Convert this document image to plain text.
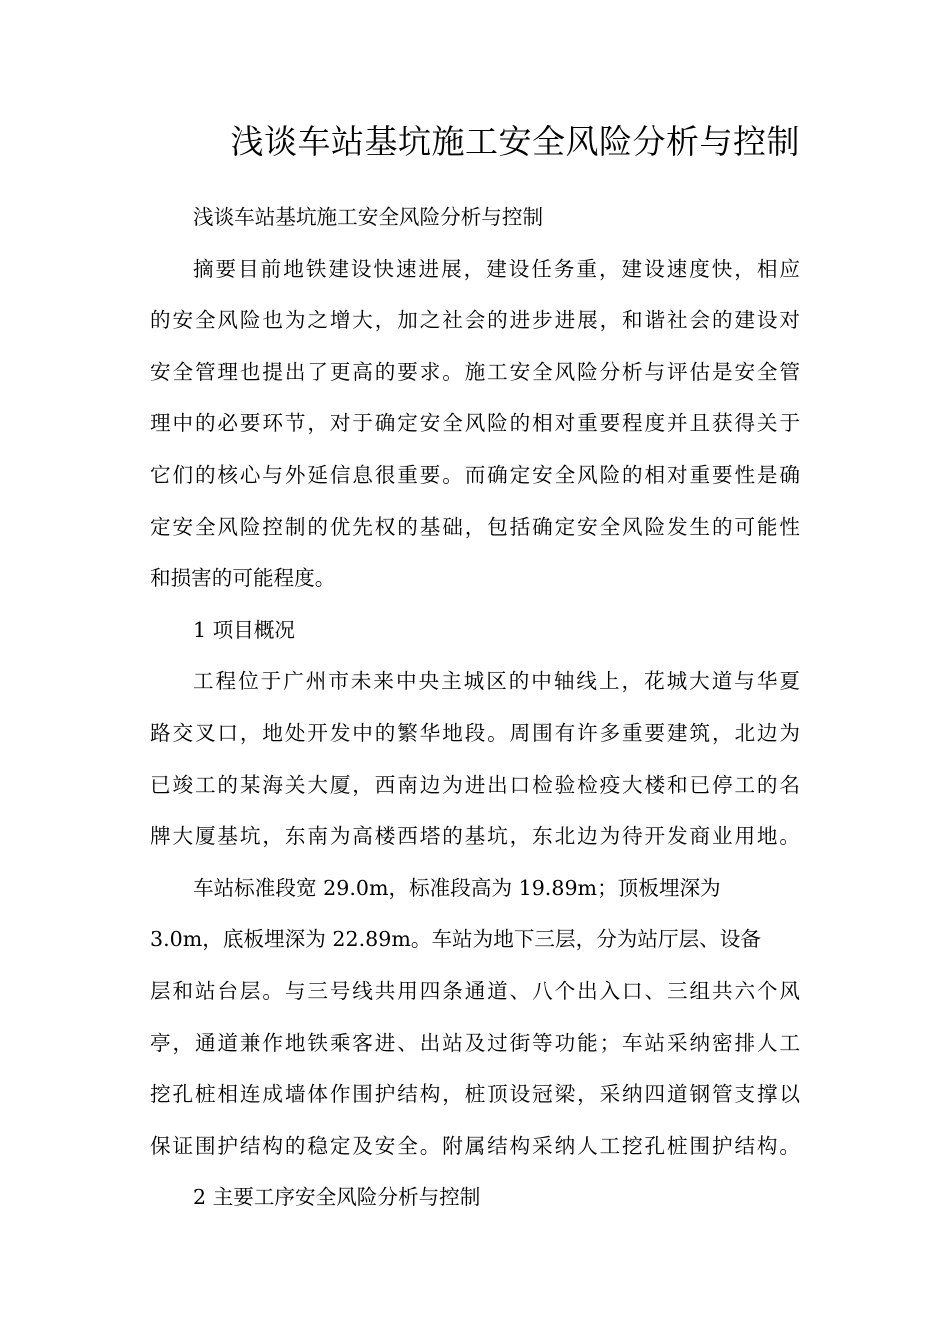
浅谈车站基坑施工安全风险分析与控制

浅谈车站基坑施工安全风险分析与控制

摘要目前地铁建设快速进展，建设任务重，建设速度快，相应
的安全风险也为之增大，加之社会的进步进展，和谐社会的建设对
安全管理也提出了更高的要求。施工安全风险分析与评估是安全管
理中的必要环节，对于确定安全风险的相对重要程度并且获得关于
它们的核心与外延信息很重要。而确定安全风险的相对重要性是确
定安全风险控制的优先权的基础，包括确定安全风险发生的可能性
和损害的可能程度。

1 项目概况

工程位于广州市未来中央主城区的中轴线上，花城大道与华夏
路交叉口，地处开发中的繁华地段。周围有许多重要建筑，北边为
已竣工的某海关大厦，西南边为进出口检验检疫大楼和已停工的名
牌大厦基坑，东南为高楼西塔的基坑，东北边为待开发商业用地。
车站标准段宽 29.0m，标准段高为 19.89m；顶板埋深为
3.0m，底板埋深为 22.89m。车站为地下三层，分为站厅层、设备
层和站台层。与三号线共用四条通道、八个出入口、三组共六个风
亭，通道兼作地铁乘客进、出站及过街等功能；车站采纳密排人工
挖孔桩相连成墙体作围护结构，桩顶设冠梁，采纳四道钢管支撑以
保证围护结构的稳定及安全。附属结构采纳人工挖孔桩围护结构。

2 主要工序安全风险分析与控制
